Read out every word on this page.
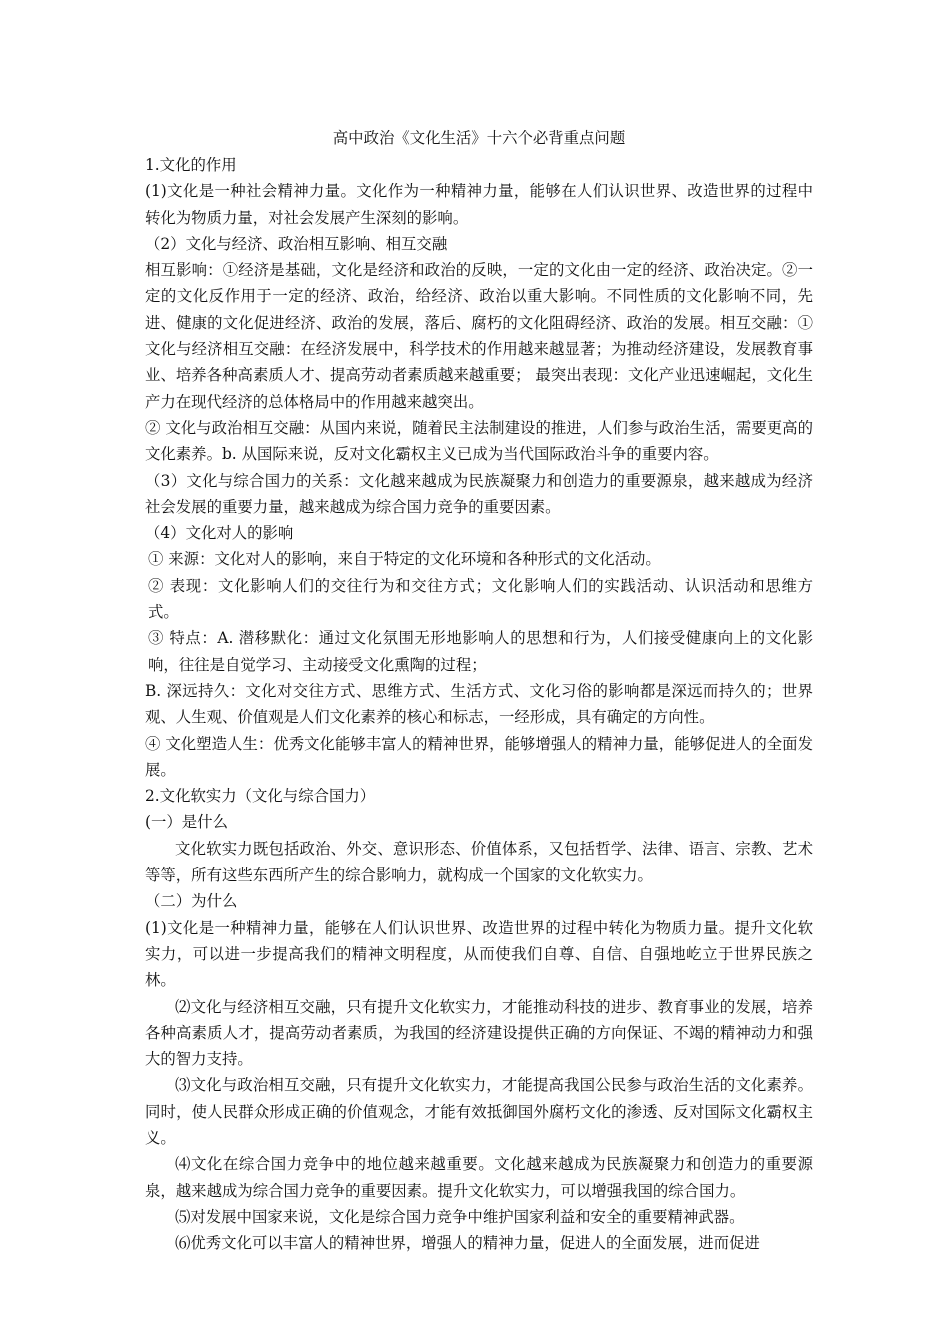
高中政治《文化生活》十六个必背重点问题
1.文化的作用
(1)文化是一种社会精神力量。文化作为一种精神力量，能够在人们认识世界、改造世界的过程中转化为物质力量，对社会发展产生深刻的影响。
（2）文化与经济、政治相互影响、相互交融
相互影响：①经济是基础，文化是经济和政治的反映，一定的文化由一定的经济、政治决定。②一定的文化反作用于一定的经济、政治，给经济、政治以重大影响。不同性质的文化影响不同，先进、健康的文化促进经济、政治的发展，落后、腐朽的文化阻碍经济、政治的发展。相互交融：①文化与经济相互交融：在经济发展中，科学技术的作用越来越显著；为推动经济建设，发展教育事业、培养各种高素质人才、提高劳动者素质越来越重要； 最突出表现：文化产业迅速崛起，文化生产力在现代经济的总体格局中的作用越来越突出。
② 文化与政治相互交融：从国内来说，随着民主法制建设的推进，人们参与政治生活，需要更高的文化素养。b. 从国际来说，反对文化霸权主义已成为当代国际政治斗争的重要内容。
（3）文化与综合国力的关系：文化越来越成为民族凝聚力和创造力的重要源泉，越来越成为经济社会发展的重要力量，越来越成为综合国力竞争的重要因素。
（4）文化对人的影响
① 来源：文化对人的影响，来自于特定的文化环境和各种形式的文化活动。
② 表现：文化影响人们的交往行为和交往方式；文化影响人们的实践活动、认识活动和思维方式。
③ 特点：A. 潜移默化：通过文化氛围无形地影响人的思想和行为，人们接受健康向上的文化影响，往往是自觉学习、主动接受文化熏陶的过程；
B. 深远持久：文化对交往方式、思维方式、生活方式、文化习俗的影响都是深远而持久的；世界观、人生观、价值观是人们文化素养的核心和标志，一经形成，具有确定的方向性。
④ 文化塑造人生：优秀文化能够丰富人的精神世界，能够增强人的精神力量，能够促进人的全面发展。
2.文化软实力（文化与综合国力）
(一）是什么
文化软实力既包括政治、外交、意识形态、价值体系，又包括哲学、法律、语言、宗教、艺术等等，所有这些东西所产生的综合影响力，就构成一个国家的文化软实力。
（二）为什么
(1)文化是一种精神力量，能够在人们认识世界、改造世界的过程中转化为物质力量。提升文化软实力，可以进一步提高我们的精神文明程度，从而使我们自尊、自信、自强地屹立于世界民族之林。
⑵文化与经济相互交融，只有提升文化软实力，才能推动科技的进步、教育事业的发展，培养各种高素质人才，提高劳动者素质，为我国的经济建设提供正确的方向保证、不竭的精神动力和强大的智力支持。
⑶文化与政治相互交融，只有提升文化软实力，才能提高我国公民参与政治生活的文化素养。同时，使人民群众形成正确的价值观念，才能有效抵御国外腐朽文化的渗透、反对国际文化霸权主义。
⑷文化在综合国力竞争中的地位越来越重要。文化越来越成为民族凝聚力和创造力的重要源泉，越来越成为综合国力竞争的重要因素。提升文化软实力，可以增强我国的综合国力。
⑸对发展中国家来说，文化是综合国力竞争中维护国家利益和安全的重要精神武器。
⑹优秀文化可以丰富人的精神世界，增强人的精神力量，促进人的全面发展，进而促进
